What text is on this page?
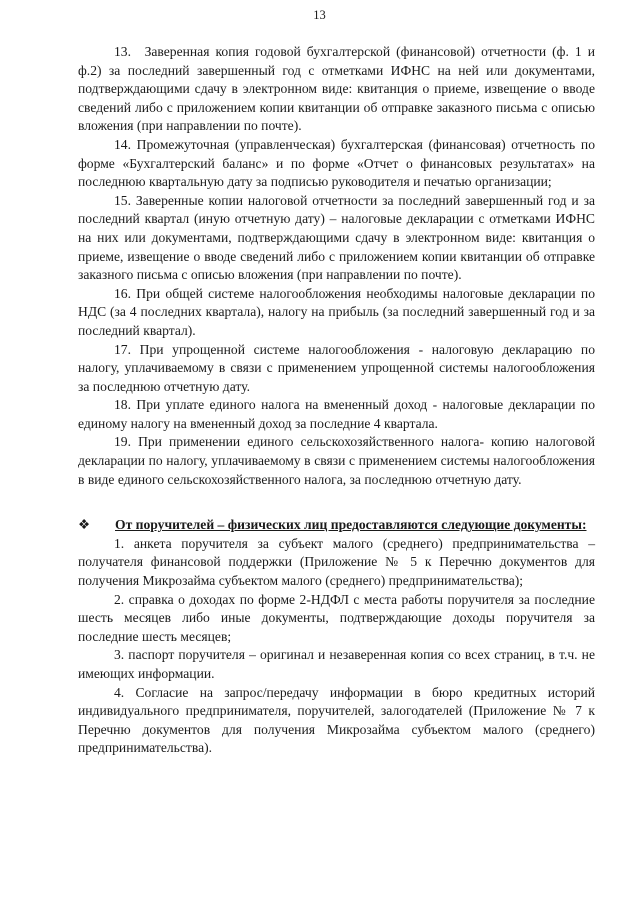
13

13. Заверенная копия годовой бухгалтерской (финансовой) отчетности (ф. 1 и ф.2) за последний завершенный год с отметками ИФНС на ней или документами, подтверждающими сдачу в электронном виде: квитанция о приеме, извещение о вводе сведений либо с приложением копии квитанции об отправке заказного письма с описью вложения (при направлении по почте).

14. Промежуточная (управленческая) бухгалтерская (финансовая) отчетность по форме «Бухгалтерский баланс» и по форме «Отчет о финансовых результатах» на последнюю квартальную дату за подписью руководителя и печатью организации;

15. Заверенные копии налоговой отчетности за последний завершенный год и за последний квартал (иную отчетную дату) – налоговые декларации с отметками ИФНС на них или документами, подтверждающими сдачу в электронном виде: квитанция о приеме, извещение о вводе сведений либо с приложением копии квитанции об отправке заказного письма с описью вложения (при направлении по почте).

16. При общей системе налогообложения необходимы налоговые декларации по НДС (за 4 последних квартала), налогу на прибыль (за последний завершенный год и за последний квартал).

17. При упрощенной системе налогообложения - налоговую декларацию по налогу, уплачиваемому в связи с применением упрощенной системы налогообложения за последнюю отчетную дату.

18. При уплате единого налога на вмененный доход - налоговые декларации по единому налогу на вмененный доход за последние 4 квартала.

19. При применении единого сельскохозяйственного налога- копию налоговой декларации по налогу, уплачиваемому в связи с применением системы налогообложения в виде единого сельскохозяйственного налога, за последнюю отчетную дату.

❖ От поручителей – физических лиц предоставляются следующие документы:

1. анкета поручителя за субъект малого (среднего) предпринимательства – получателя финансовой поддержки (Приложение № 5 к Перечню документов для получения Микрозайма субъектом малого (среднего) предпринимательства);

2. справка о доходах по форме 2-НДФЛ с места работы поручителя за последние шесть месяцев либо иные документы, подтверждающие доходы поручителя за последние шесть месяцев;

3. паспорт поручителя – оригинал и незаверенная копия со всех страниц, в т.ч. не имеющих информации.

4. Согласие на запрос/передачу информации в бюро кредитных историй индивидуального предпринимателя, поручителей, залогодателей (Приложение № 7 к Перечню документов для получения Микрозайма субъектом малого (среднего) предпринимательства).
